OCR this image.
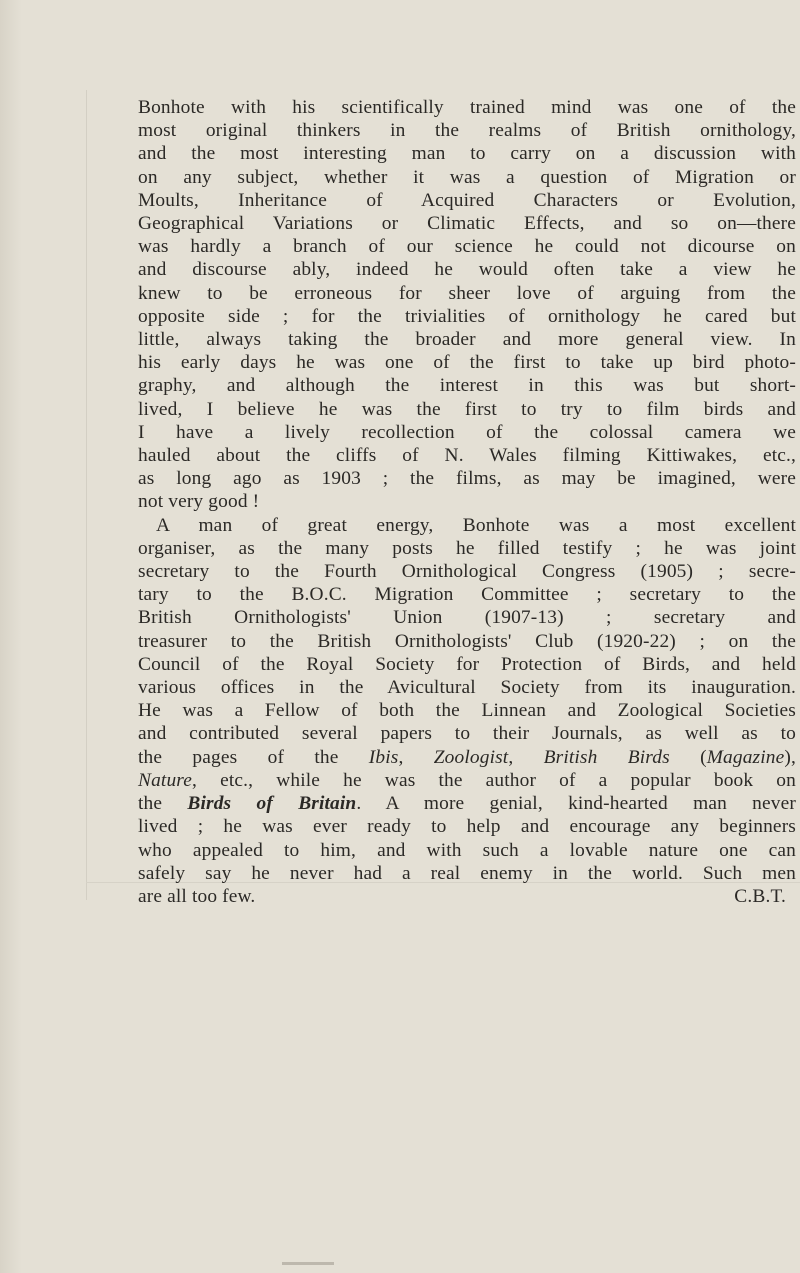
Bonhote with his scientifically trained mind was one of the

most original thinkers in the realms of British ornithology,

and the most interesting man to carry on a discussion with

on any subject, whether it was a question of Migration or

Moults, Inheritance of Acquired Characters or Evolution,

Geographical Variations or Climatic Effects, and so on—there

was hardly a branch of our science he could not dicourse on

and discourse ably, indeed he would often take a view he

knew to be erroneous for sheer love of arguing from the

opposite side ; for the trivialities of ornithology he cared but

little, always taking the broader and more general view. In

his early days he was one of the first to take up bird photo-

graphy, and although the interest in this was but short-

lived, I believe he was the first to try to film birds and

I have a lively recollection of the colossal camera we

hauled about the cliffs of N. Wales filming Kittiwakes, etc.,

as long ago as 1903 ; the films, as may be imagined, were

not very good !

A man of great energy, Bonhote was a most excellent

organiser, as the many posts he filled testify ; he was joint

secretary to the Fourth Ornithological Congress (1905) ; secre-

tary to the B.O.C. Migration Committee ; secretary to the

British Ornithologists' Union (1907-13) ; secretary and

treasurer to the British Ornithologists' Club (1920-22) ; on the

Council of the Royal Society for Protection of Birds, and held

various offices in the Avicultural Society from its inauguration.

He was a Fellow of both the Linnean and Zoological Societies

and contributed several papers to their Journals, as well as to

the pages of the Ibis, Zoologist, British Birds (Magazine),

Nature, etc., while he was the author of a popular book on

the Birds of Britain. A more genial, kind-hearted man never

lived ; he was ever ready to help and encourage any beginners

who appealed to him, and with such a lovable nature one can

safely say he never had a real enemy in the world. Such men

are all too few.	C.B.T.
